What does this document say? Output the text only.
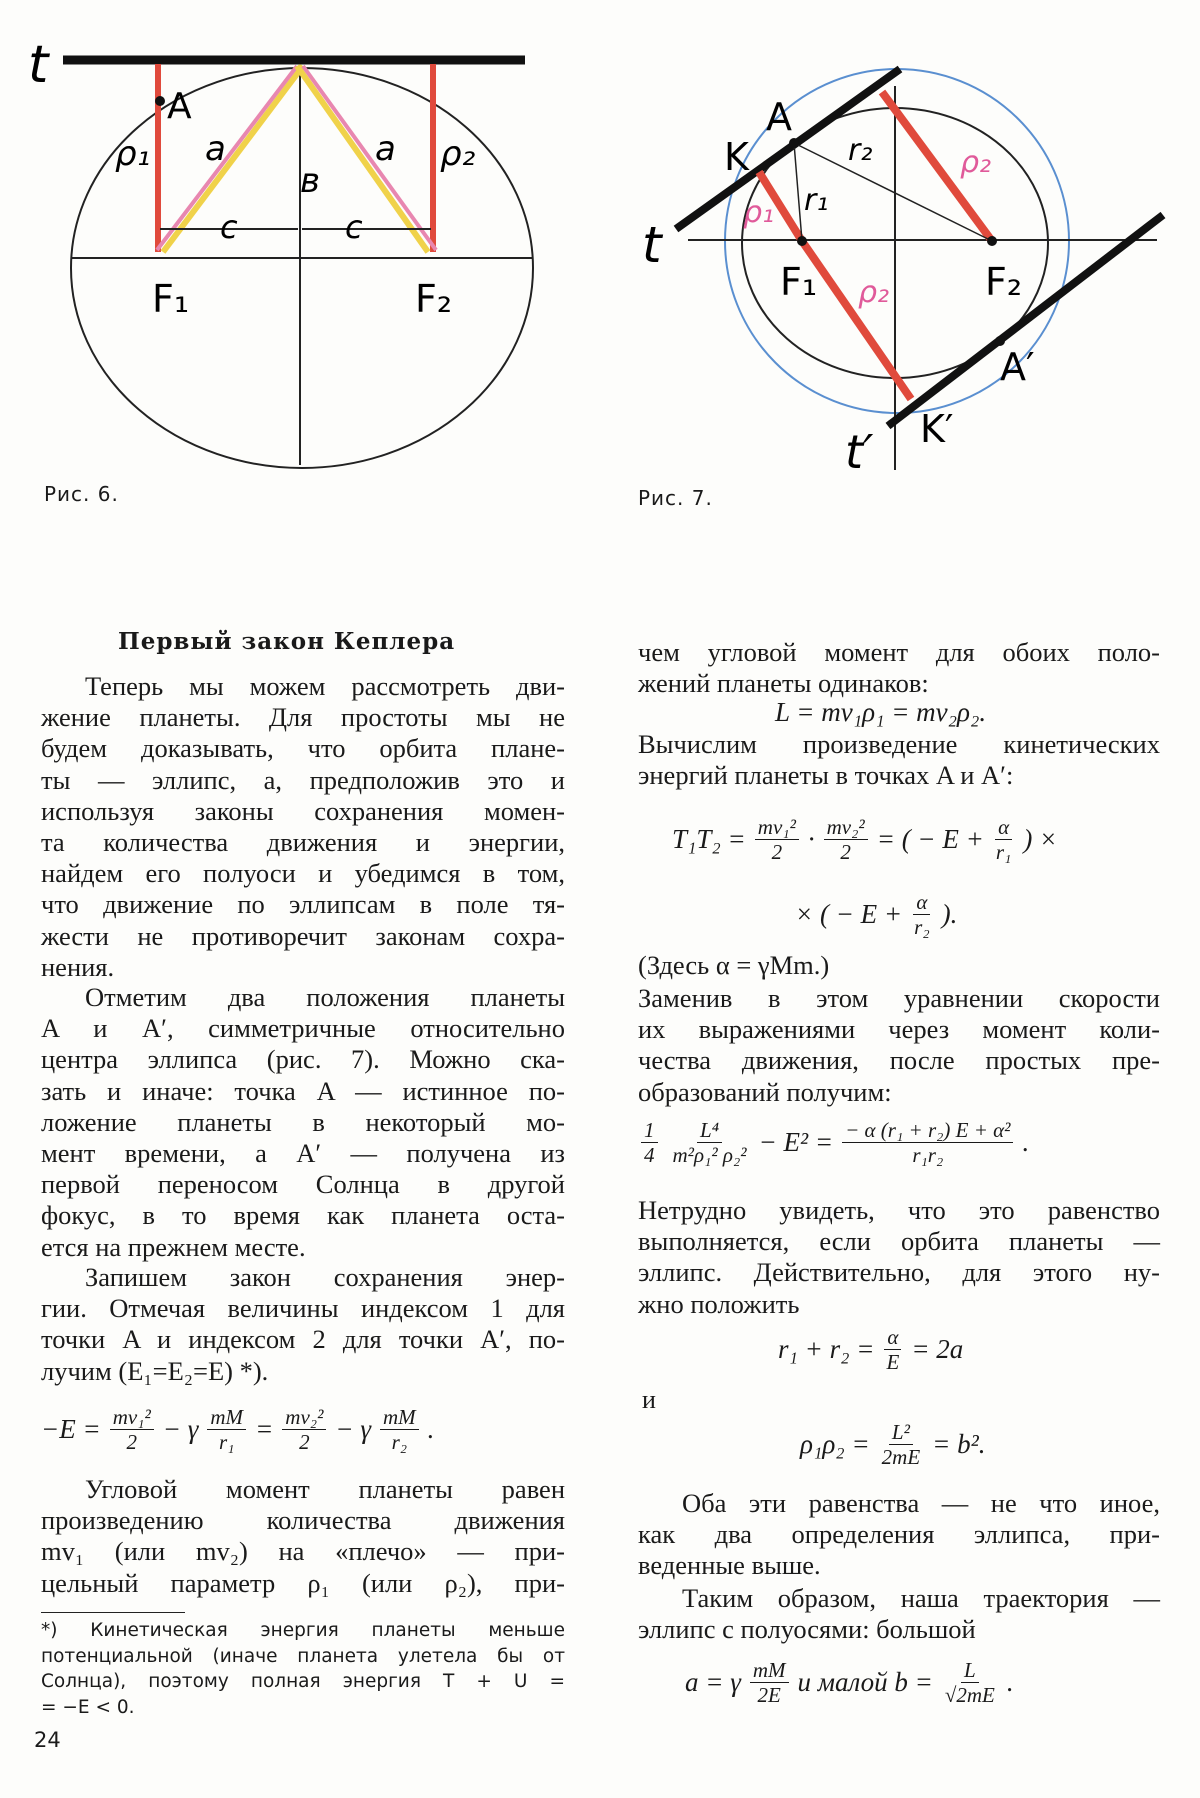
t
A
ρ₁ a
в
a ρ₂
c	c
F₁	F₂
Рис. 6.
t
A
K	r₂
r₁
ρ₁
ρ₂
ρ₂
F₁	F₂
A′
t′ K′
Рис. 7.
Первый закон Кеплера
Теперь мы можем рассмотреть дви-
жение планеты. Для простоты мы не
будем доказывать, что орбита плане-
ты — эллипс, а, предположив это и
используя законы сохранения момен-
та количества движения и энергии,
найдем его полуоси и убедимся в том,
что движение по эллипсам в поле тя-
жести не противоречит законам сохра-
нения.
Отметим два положения планеты
A и A′, симметричные относительно
центра эллипса (рис. 7). Можно ска-
зать и иначе: точка A — истинное по-
ложение планеты в некоторый мо-
мент времени, а A′ — получена из
первой переносом Солнца в другой
фокус, в то время как планета оста-
ется на прежнем месте.
Запишем закон сохранения энер-
гии. Отмечая величины индексом 1 для
точки A и индексом 2 для точки A′, по-
лучим (E₁=E₂=E) *).
$-E = \frac{\text{mv₁²}}{2} - \gamma \frac{mM}{\text{r₁}} = \frac{\text{mv₂²}}{2} - \gamma \frac{mM}{\text{r₂}}$ .
Угловой момент планеты равен
произведению количества движения
mv₁ (или mv₂) на «плечо» — при-
цельный параметр ρ₁ (или ρ₂), при-
*) Кинетическая энергия планеты меньше
потенциальной (иначе планета улетела бы от
Солнца), поэтому полная энергия T + U =
= −E < 0.
24
чем угловой момент для обоих поло-
жений планеты одинаков:
L = mv₁ρ₁ = mv₂ρ₂.
Вычислим произведение кинетических
энергий планеты в точках A и A′:
$T_1T_2 = \frac{\text{mv₁²}}{2} \cdot \frac{\text{mv₂²}}{2}$ = ( − $E + \frac{\alpha}{\text{r₁}}$ ) ×
× ( − $E + \frac{\alpha}{\text{r₂}}$ ).
(Здесь α = γMm.)
Заменив в этом уравнении скорости
их выражениями через момент коли-
чества движения, после простых пре-
образований получим:
$\frac{1}{4} \frac{\text{L⁴}}{\text{m²ρ₁² ρ₂²}} - E^2 = \frac{\text{− α (r₁ + r₂) E + α²}}{\text{r₁r₂}}$ .
Нетрудно увидеть, что это равенство
выполняется, если орбита планеты —
эллипс. Действительно, для этого ну-
жно положить
$r_1 + r_2 = \frac{\alpha}{E} = 2a$
и
$\rho_1\rho_2 = \frac{\text{L²}}{2mE} = b^2$.
Оба эти равенства — не что иное,
как два определения эллипса, при-
веденные выше.
Таким образом, наша траектория —
эллипс с полуосями: большой
a = γ $\frac{mM}{2E}$ и малой $b = \frac{L}{√2mE}$ .
